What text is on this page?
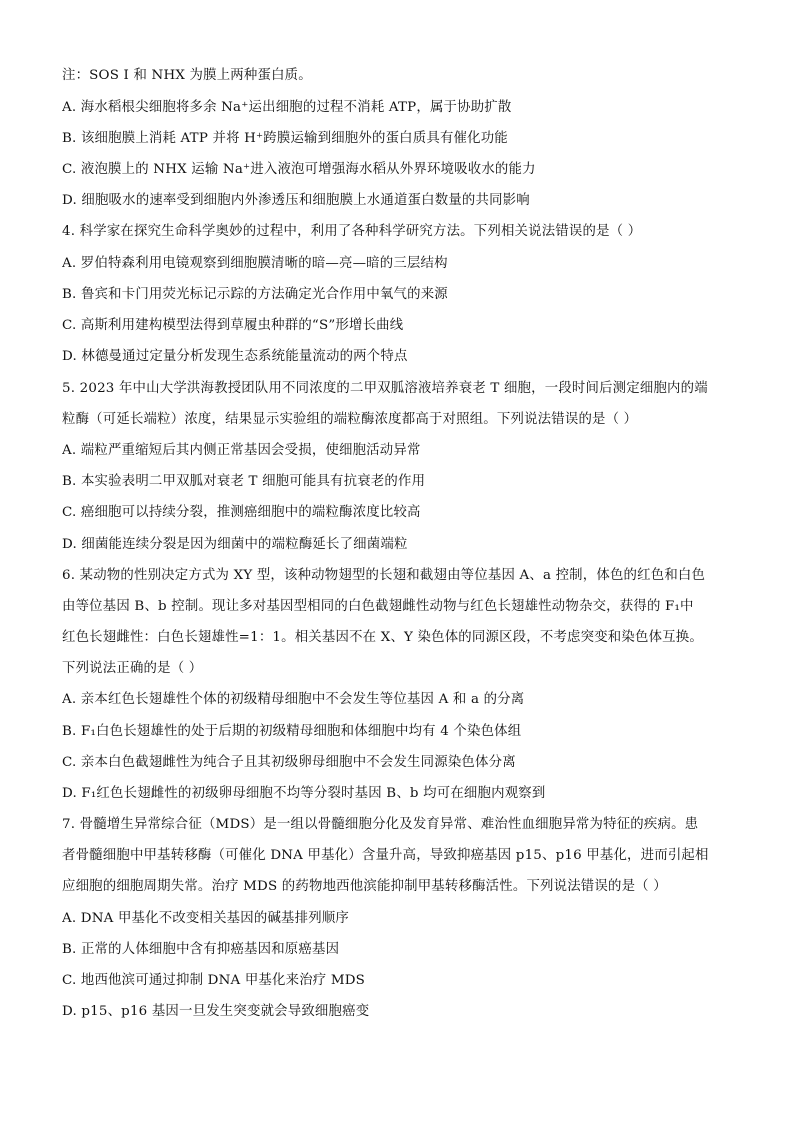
注：SOS I 和 NHX 为膜上两种蛋白质。
A. 海水稻根尖细胞将多余 Na⁺运出细胞的过程不消耗 ATP，属于协助扩散
B. 该细胞膜上消耗 ATP 并将 H⁺跨膜运输到细胞外的蛋白质具有催化功能
C. 液泡膜上的 NHX 运输 Na⁺进入液泡可增强海水稻从外界环境吸收水的能力
D. 细胞吸水的速率受到细胞内外渗透压和细胞膜上水通道蛋白数量的共同影响
4. 科学家在探究生命科学奥妙的过程中，利用了各种科学研究方法。下列相关说法错误的是（ ）
A. 罗伯特森利用电镜观察到细胞膜清晰的暗—亮—暗的三层结构
B. 鲁宾和卡门用荧光标记示踪的方法确定光合作用中氧气的来源
C. 高斯利用建构模型法得到草履虫种群的“S”形增长曲线
D. 林德曼通过定量分析发现生态系统能量流动的两个特点
5. 2023 年中山大学洪海教授团队用不同浓度的二甲双胍溶液培养衰老 T 细胞，一段时间后测定细胞内的端
粒酶（可延长端粒）浓度，结果显示实验组的端粒酶浓度都高于对照组。下列说法错误的是（ ）
A. 端粒严重缩短后其内侧正常基因会受损，使细胞活动异常
B. 本实验表明二甲双胍对衰老 T 细胞可能具有抗衰老的作用
C. 癌细胞可以持续分裂，推测癌细胞中的端粒酶浓度比较高
D. 细菌能连续分裂是因为细菌中的端粒酶延长了细菌端粒
6. 某动物的性别决定方式为 XY 型，该种动物翅型的长翅和截翅由等位基因 A、a 控制，体色的红色和白色
由等位基因 B、b 控制。现让多对基因型相同的白色截翅雌性动物与红色长翅雄性动物杂交，获得的 F₁中
红色长翅雌性：白色长翅雄性=1：1。相关基因不在 X、Y 染色体的同源区段，不考虑突变和染色体互换。
下列说法正确的是（ ）
A. 亲本红色长翅雄性个体的初级精母细胞中不会发生等位基因 A 和 a 的分离
B. F₁白色长翅雄性的处于后期的初级精母细胞和体细胞中均有 4 个染色体组
C. 亲本白色截翅雌性为纯合子且其初级卵母细胞中不会发生同源染色体分离
D. F₁红色长翅雌性的初级卵母细胞不均等分裂时基因 B、b 均可在细胞内观察到
7. 骨髓增生异常综合征（MDS）是一组以骨髓细胞分化及发育异常、难治性血细胞异常为特征的疾病。患
者骨髓细胞中甲基转移酶（可催化 DNA 甲基化）含量升高，导致抑癌基因 p15、p16 甲基化，进而引起相
应细胞的细胞周期失常。治疗 MDS 的药物地西他滨能抑制甲基转移酶活性。下列说法错误的是（ ）
A. DNA 甲基化不改变相关基因的碱基排列顺序
B. 正常的人体细胞中含有抑癌基因和原癌基因
C. 地西他滨可通过抑制 DNA 甲基化来治疗 MDS
D. p15、p16 基因一旦发生突变就会导致细胞癌变
